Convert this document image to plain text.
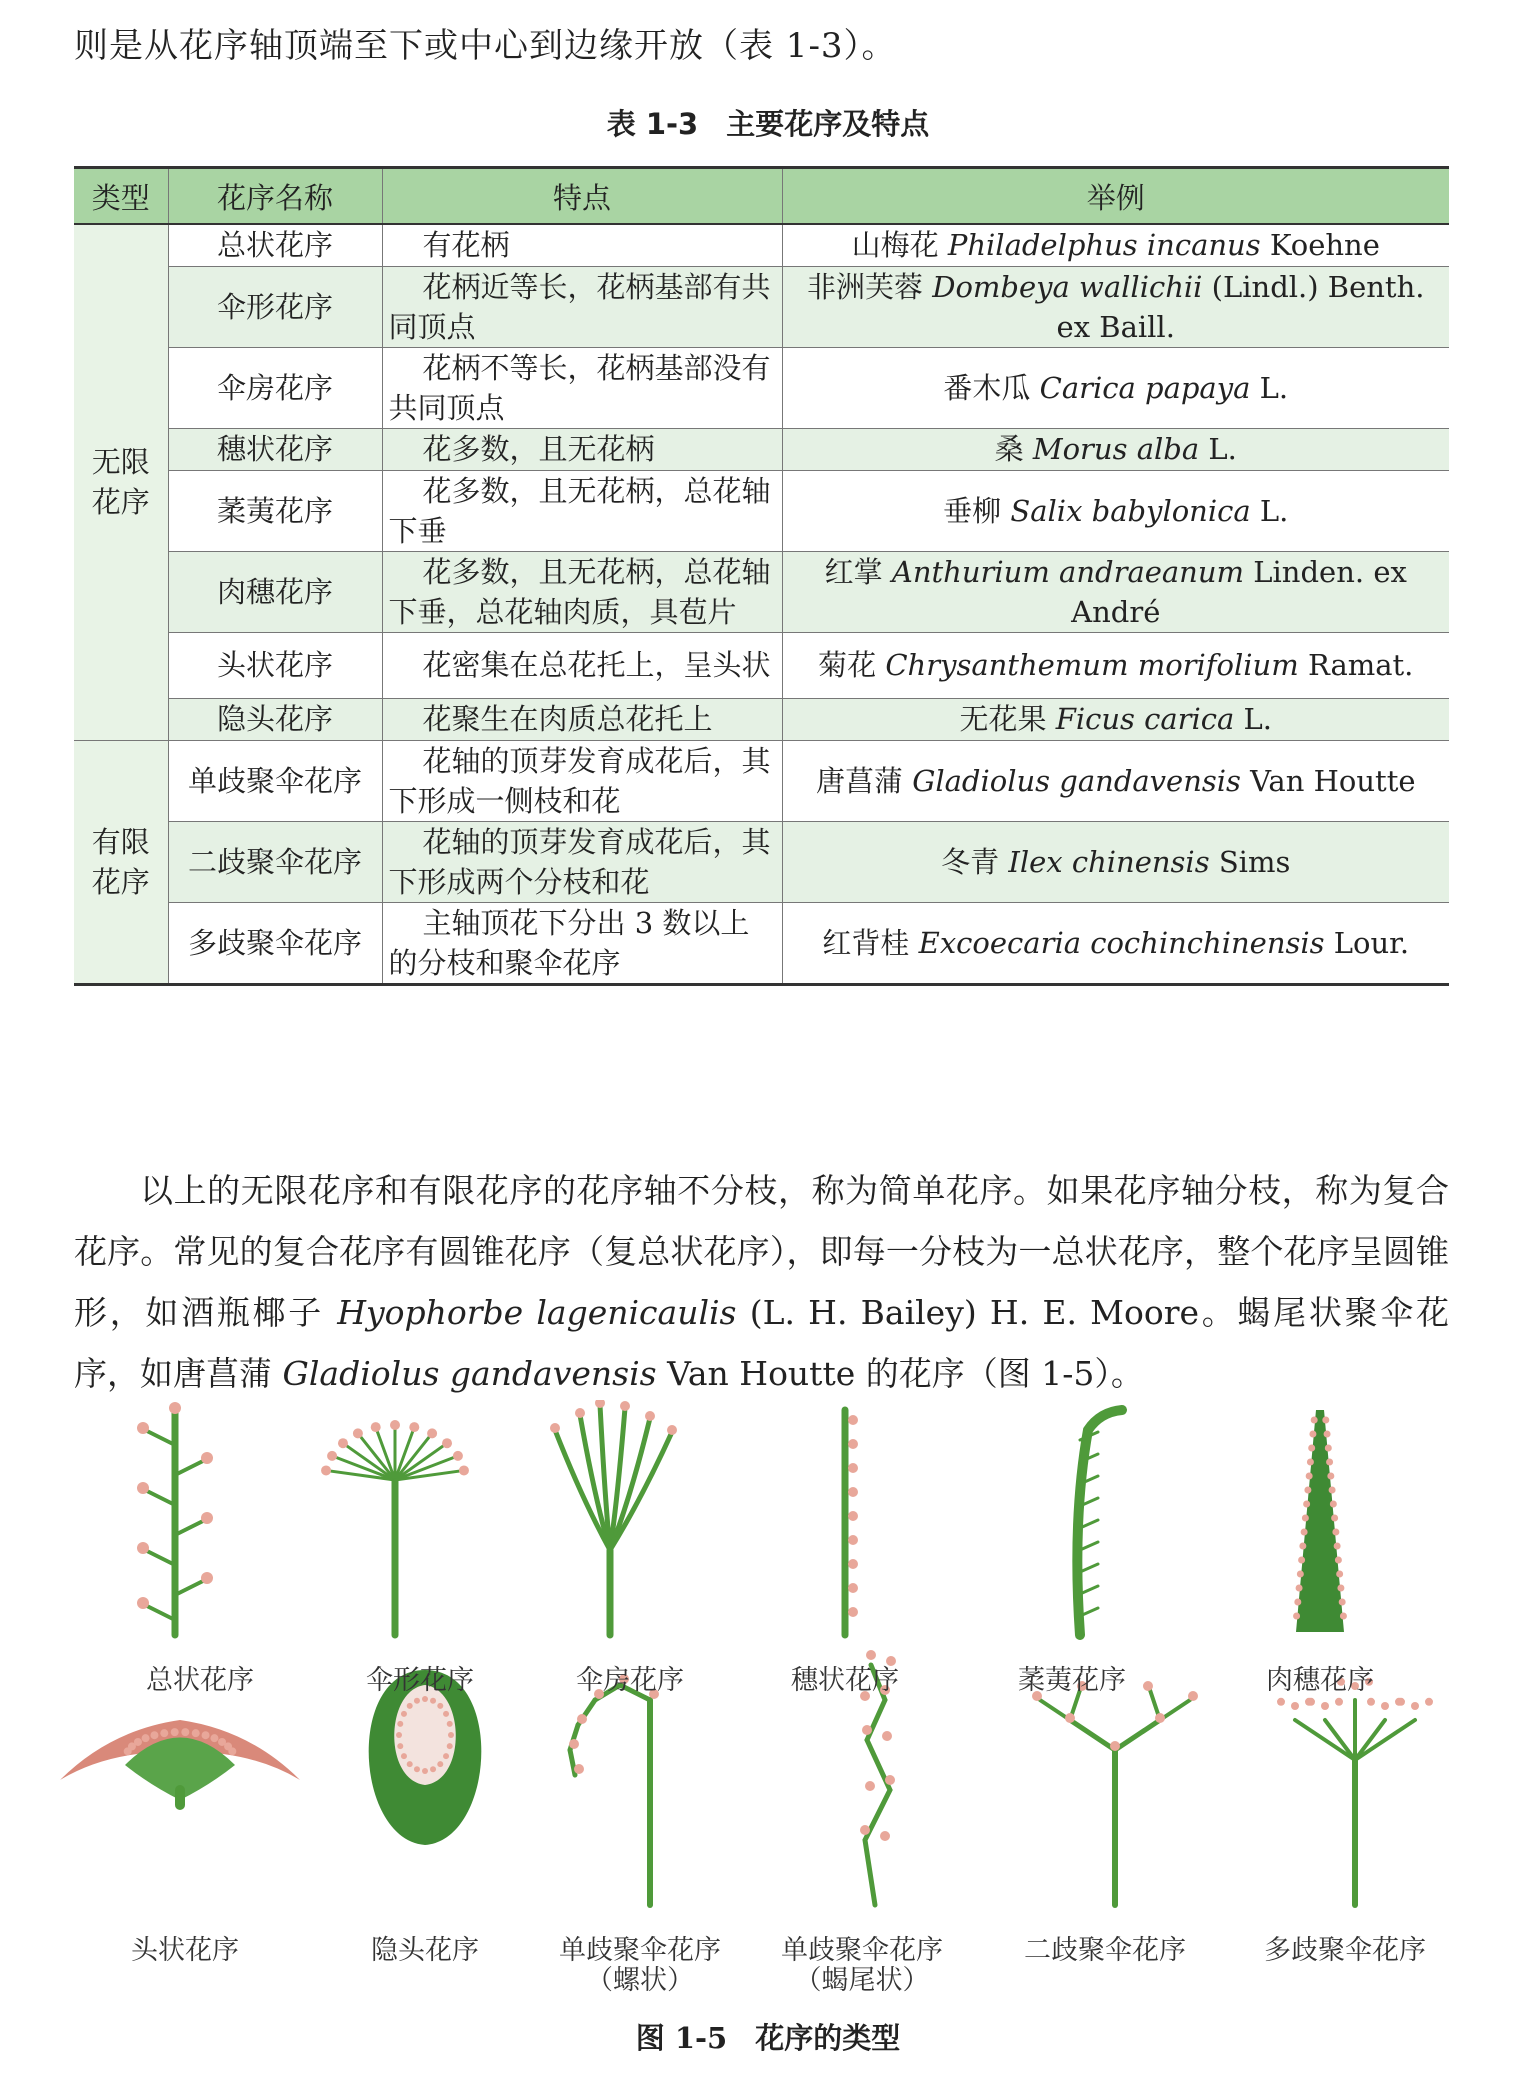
则是从花序轴顶端至下或中心到边缘开放（表 1-3）。
表 1-3 主要花序及特点
类型	花序名称	特点	举例

无限
花序	总状花序	有花柄	山梅花 Philadelphus incanus Koehne
	伞形花序	花柄近等长，花柄基部有共同顶点	非洲芙蓉 Dombeya wallichii (Lindl.) Benth. ex Baill.
	伞房花序	花柄不等长，花柄基部没有共同顶点	番木瓜 Carica papaya L.
	穗状花序	花多数，且无花柄	桑 Morus alba L.
	葇荑花序	花多数，且无花柄，总花轴下垂	垂柳 Salix babylonica L.
	肉穗花序	花多数，且无花柄，总花轴下垂，总花轴肉质，具苞片	红掌 Anthurium andraeanum Linden. ex André
	头状花序	花密集在总花托上，呈头状	菊花 Chrysanthemum morifolium Ramat.
	隐头花序	花聚生在肉质总花托上	无花果 Ficus carica L.

有限
花序	单歧聚伞花序	花轴的顶芽发育成花后，其下形成一侧枝和花	唐菖蒲 Gladiolus gandavensis Van Houtte
	二歧聚伞花序	花轴的顶芽发育成花后，其下形成两个分枝和花	冬青 Ilex chinensis Sims
	多歧聚伞花序	主轴顶花下分出 3 数以上的分枝和聚伞花序	红背桂 Excoecaria cochinchinensis Lour.

以上的无限花序和有限花序的花序轴不分枝，称为简单花序。如果花序轴分枝，称为复合花序。常见的复合花序有圆锥花序（复总状花序），即每一分枝为一总状花序，整个花序呈圆锥形，如酒瓶椰子 Hyophorbe lagenicaulis (L. H. Bailey) H. E. Moore。蝎尾状聚伞花序，如唐菖蒲 Gladiolus gandavensis Van Houtte 的花序（图 1-5）。

总状花序	伞形花序	伞房花序	穗状花序	葇荑花序	肉穗花序
头状花序	隐头花序	单歧聚伞花序
（螺状）
单歧聚伞花序
（蝎尾状）
二歧聚伞花序	多歧聚伞花序
图 1-5 花序的类型
